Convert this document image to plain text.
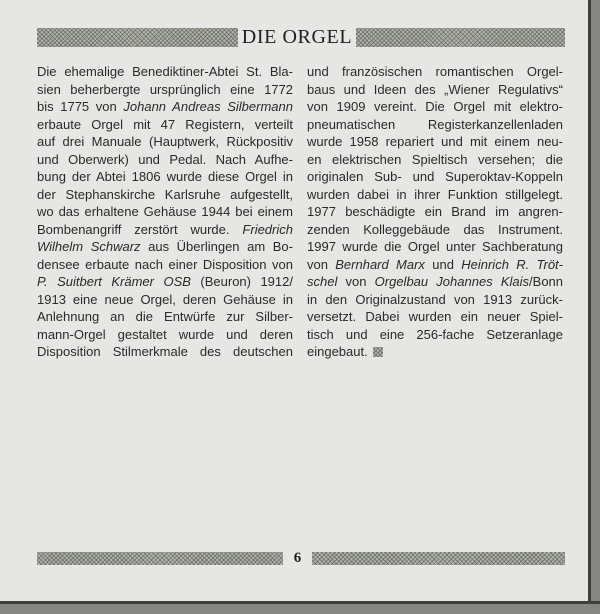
DIE ORGEL
Die ehemalige Benediktiner-Abtei St. Bla-
sien beherbergte ursprünglich eine 1772
bis 1775 von Johann Andreas Silbermann
erbaute Orgel mit 47 Registern, verteilt
auf drei Manuale (Hauptwerk, Rückpositiv
und Oberwerk) und Pedal. Nach Aufhe-
bung der Abtei 1806 wurde diese Orgel in
der Stephanskirche Karlsruhe aufgestellt,
wo das erhaltene Gehäuse 1944 bei einem
Bombenangriff zerstört wurde. Friedrich
Wilhelm Schwarz aus Überlingen am Bo-
densee erbaute nach einer Disposition von
P. Suitbert Krämer OSB (Beuron) 1912/
1913 eine neue Orgel, deren Gehäuse in
Anlehnung an die Entwürfe zur Silber-
mann-Orgel gestaltet wurde und deren
Disposition Stilmerkmale des deutschen
und französischen romantischen Orgel-
baus und Ideen des „Wiener Regulativs“
von 1909 vereint. Die Orgel mit elektro-
pneumatischen Registerkanzellenladen
wurde 1958 repariert und mit einem neu-
en elektrischen Spieltisch versehen; die
originalen Sub- und Superoktav-Koppeln
wurden dabei in ihrer Funktion stillgelegt.
1977 beschädigte ein Brand im angren-
zenden Kolleggebäude das Instrument.
1997 wurde die Orgel unter Sachberatung
von Bernhard Marx und Heinrich R. Tröt-
schel von Orgelbau Johannes Klais/Bonn
in den Originalzustand von 1913 zurück-
versetzt. Dabei wurden ein neuer Spiel-
tisch und eine 256-fache Setzeranlage
eingebaut.
6
